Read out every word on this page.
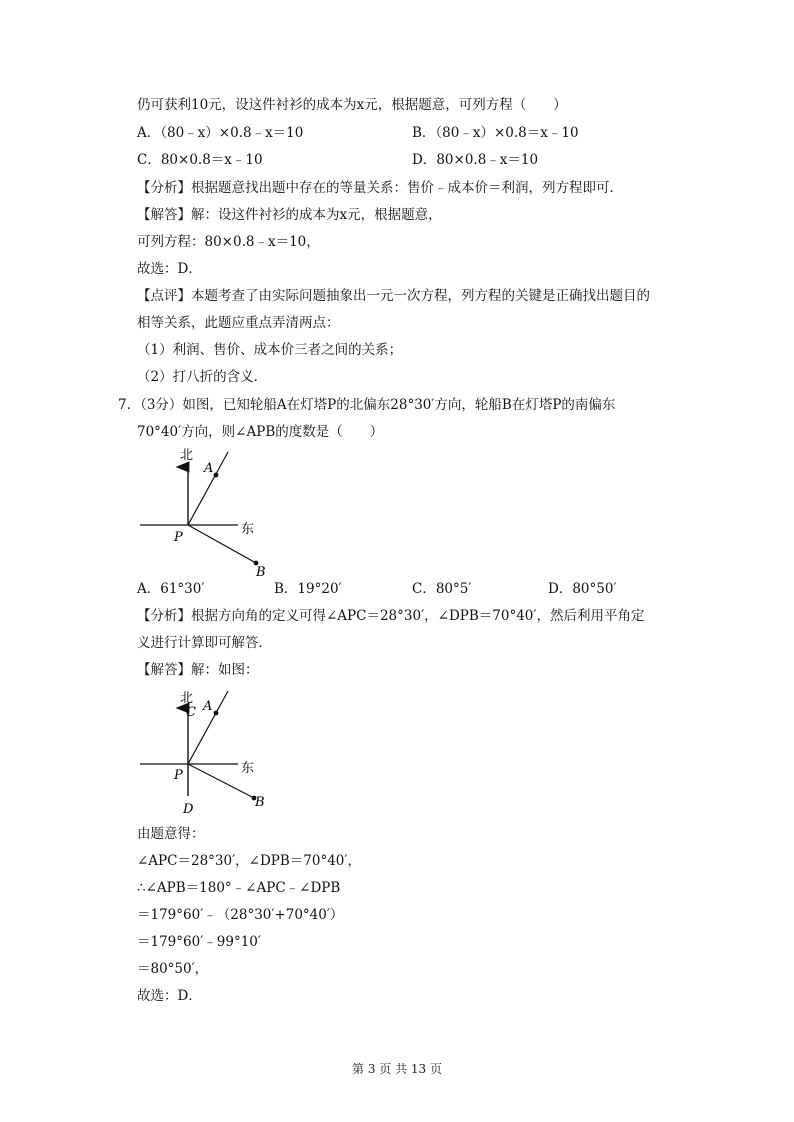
仍可获利10元，设这件衬衫的成本为x元，根据题意，可列方程（　　）
A．（80﹣x）×0.8﹣x＝10	B．（80﹣x）×0.8＝x﹣10
C．80×0.8＝x﹣10	D．80×0.8﹣x＝10
【分析】根据题意找出题中存在的等量关系：售价﹣成本价＝利润，列方程即可．
【解答】解：设这件衬衫的成本为x元，根据题意，
可列方程：80×0.8﹣x＝10，
故选：D．
【点评】本题考查了由实际问题抽象出一元一次方程，列方程的关键是正确找出题目的
相等关系，此题应重点弄清两点：
（1）利润、售价、成本价三者之间的关系；
（2）打八折的含义．
7．（3分）如图，已知轮船A在灯塔P的北偏东28°30′方向，轮船B在灯塔P的南偏东
70°40′方向，则∠APB的度数是（　　）
北
东
A
P
B
A．61°30′	B．19°20′	C．80°5′	D．80°50′
【分析】根据方向角的定义可得∠APC＝28°30′，∠DPB＝70°40′，然后利用平角定
义进行计算即可解答．
【解答】解：如图：
北
C A
东
P
B
D
由题意得：
∠APC＝28°30′，∠DPB＝70°40′，
∴∠APB＝180°﹣∠APC﹣∠DPB
＝179°60′﹣（28°30′+70°40′）
＝179°60′﹣99°10′
＝80°50′，
故选：D．
第 3 页 共 13 页
